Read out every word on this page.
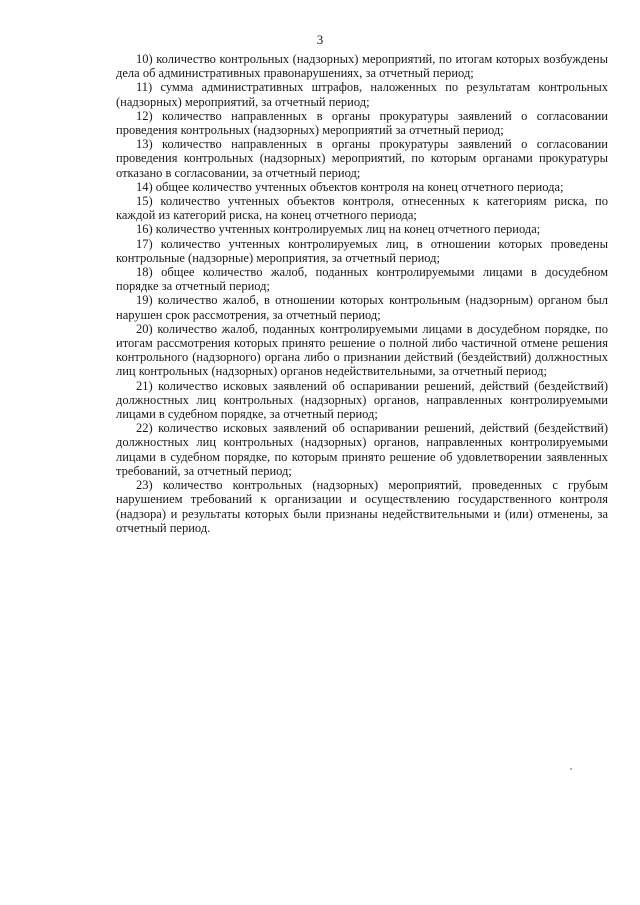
3

10) количество контрольных (надзорных) мероприятий, по итогам которых возбуждены дела об административных правонарушениях, за отчетный период;

11) сумма административных штрафов, наложенных по результатам контрольных (надзорных) мероприятий, за отчетный период;

12) количество направленных в органы прокуратуры заявлений о согласовании проведения контрольных (надзорных) мероприятий за отчетный период;

13) количество направленных в органы прокуратуры заявлений о согласовании проведения контрольных (надзорных) мероприятий, по которым органами прокуратуры отказано в согласовании, за отчетный период;

14) общее количество учтенных объектов контроля на конец отчетного периода;

15) количество учтенных объектов контроля, отнесенных к категориям риска, по каждой из категорий риска, на конец отчетного периода;

16) количество учтенных контролируемых лиц на конец отчетного периода;

17) количество учтенных контролируемых лиц, в отношении которых проведены контрольные (надзорные) мероприятия, за отчетный период;

18) общее количество жалоб, поданных контролируемыми лицами в досудебном порядке за отчетный период;

19) количество жалоб, в отношении которых контрольным (надзорным) органом был нарушен срок рассмотрения, за отчетный период;

20) количество жалоб, поданных контролируемыми лицами в досудебном порядке, по итогам рассмотрения которых принято решение о полной либо частичной отмене решения контрольного (надзорного) органа либо о признании действий (бездействий) должностных лиц контрольных (надзорных) органов недействительными, за отчетный период;

21) количество исковых заявлений об оспаривании решений, действий (бездействий) должностных лиц контрольных (надзорных) органов, направленных контролируемыми лицами в судебном порядке, за отчетный период;

22) количество исковых заявлений об оспаривании решений, действий (бездействий) должностных лиц контрольных (надзорных) органов, направленных контролируемыми лицами в судебном порядке, по которым принято решение об удовлетворении заявленных требований, за отчетный период;

23) количество контрольных (надзорных) мероприятий, проведенных с грубым нарушением требований к организации и осуществлению государственного контроля (надзора) и результаты которых были признаны недействительными и (или) отменены, за отчетный период.
